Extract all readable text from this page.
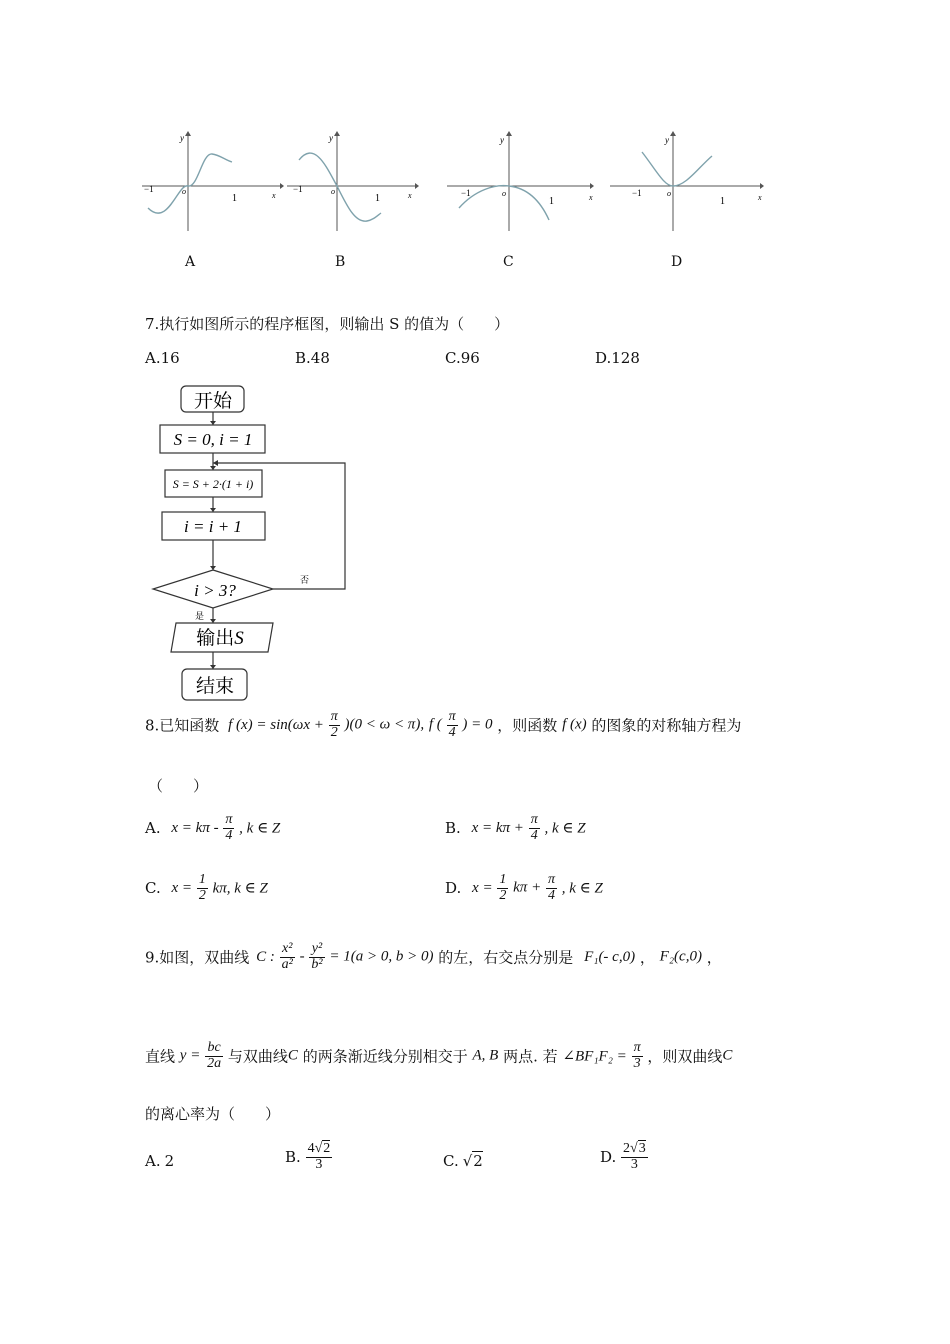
−1	o
1	x
y
A
−1	o
1	x
y
B
−1	o
1	x
y
C
−1	o
1	x
y
D
7.执行如图所示的程序框图，则输出 S 的值为（　　）
A.16	B.48	C.96	D.128
开始
S = 0, i = 1
S = S + 2·(1 + i)
i = i + 1
i > 3?	否
是
输出S
结束
8.已知函数 f $(x) = \sin(\omega x + \frac{\pi}{2} )(0 < \omega < \pi)$, f ( $\frac{\pi}{4}$ ) = 0 ，则函数 f (x) 的图象的对称轴方程为
（　　）
A. $x = k\pi - \frac{\pi}{4}$ , k ∈ Z	B. $x = k\pi + \frac{\pi}{4}$ , k ∈ Z
C. $x = \frac{1}{2} k\pi$, k ∈ Z	D. $x = \frac{1}{2}$ $k\pi + \frac{\pi}{4}$ , k ∈ Z
9.如图，双曲线 C : $\frac{\text{x²}}{\text{a²}} - \frac{\text{y²}}{\text{b²}} = 1(a > 0$, b > 0) 的左，右交点分别是 F₁(- c,0) ， F₂(c,0) ，
直线 $y = \frac{bc}{2a}$ 与双曲线C 的两条渐近线分别相交于 A, B 两点. 若 ∠BF₁F₂ = $\frac{\pi}{3}$ ，则双曲线C
的离心率为（　　）
A. 2	B. $\frac{4√2}{3}$	C. √2	D. $\frac{2√3}{3}$
